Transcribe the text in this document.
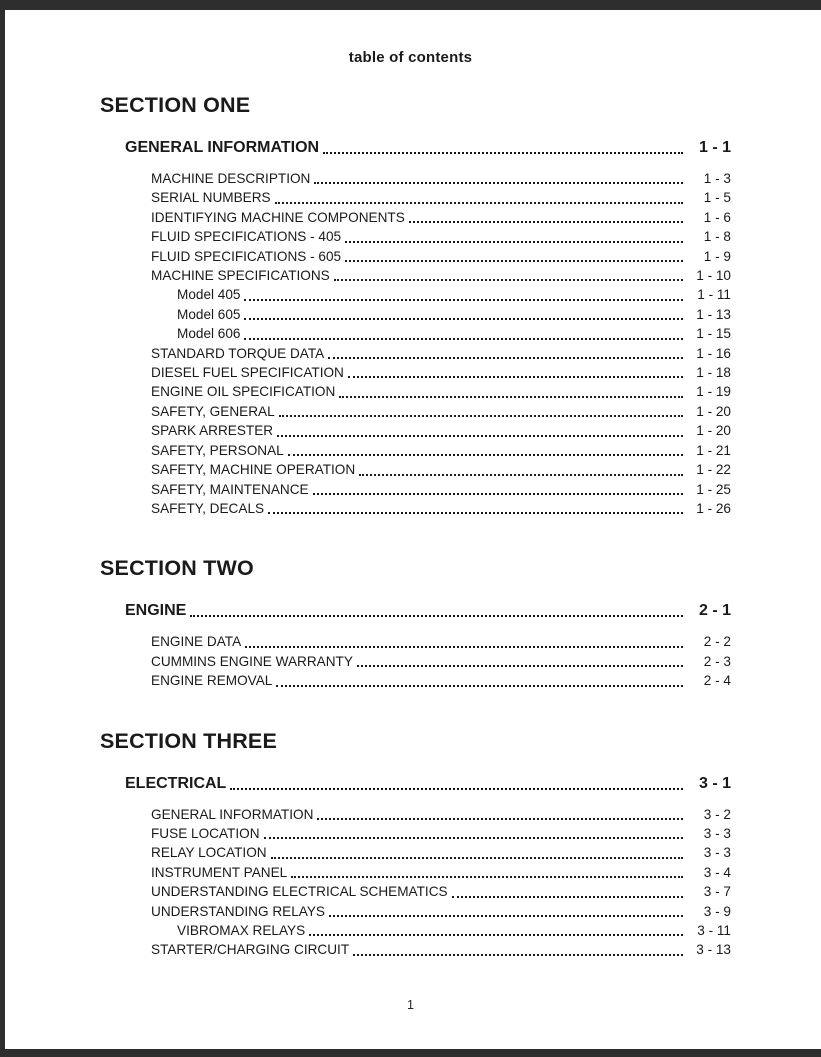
table of contents
SECTION ONE
GENERAL INFORMATION	1 - 1
MACHINE DESCRIPTION	1 - 3
SERIAL NUMBERS	1 - 5
IDENTIFYING MACHINE COMPONENTS	1 - 6
FLUID SPECIFICATIONS - 405	1 - 8
FLUID SPECIFICATIONS - 605	1 - 9
MACHINE SPECIFICATIONS	1 - 10
Model 405	1 - 11
Model 605	1 - 13
Model 606	1 - 15
STANDARD TORQUE DATA	1 - 16
DIESEL FUEL SPECIFICATION	1 - 18
ENGINE OIL SPECIFICATION	1 - 19
SAFETY, GENERAL	1 - 20
SPARK ARRESTER	1 - 20
SAFETY, PERSONAL	1 - 21
SAFETY, MACHINE OPERATION	1 - 22
SAFETY, MAINTENANCE	1 - 25
SAFETY, DECALS	1 - 26
SECTION TWO
ENGINE	2 - 1
ENGINE DATA	2 - 2
CUMMINS ENGINE WARRANTY	2 - 3
ENGINE REMOVAL	2 - 4
SECTION THREE
ELECTRICAL	3 - 1
GENERAL INFORMATION	3 - 2
FUSE LOCATION	3 - 3
RELAY LOCATION	3 - 3
INSTRUMENT PANEL	3 - 4
UNDERSTANDING ELECTRICAL SCHEMATICS	3 - 7
UNDERSTANDING RELAYS	3 - 9
VIBROMAX RELAYS	3 - 11
STARTER/CHARGING CIRCUIT	3 - 13
1
